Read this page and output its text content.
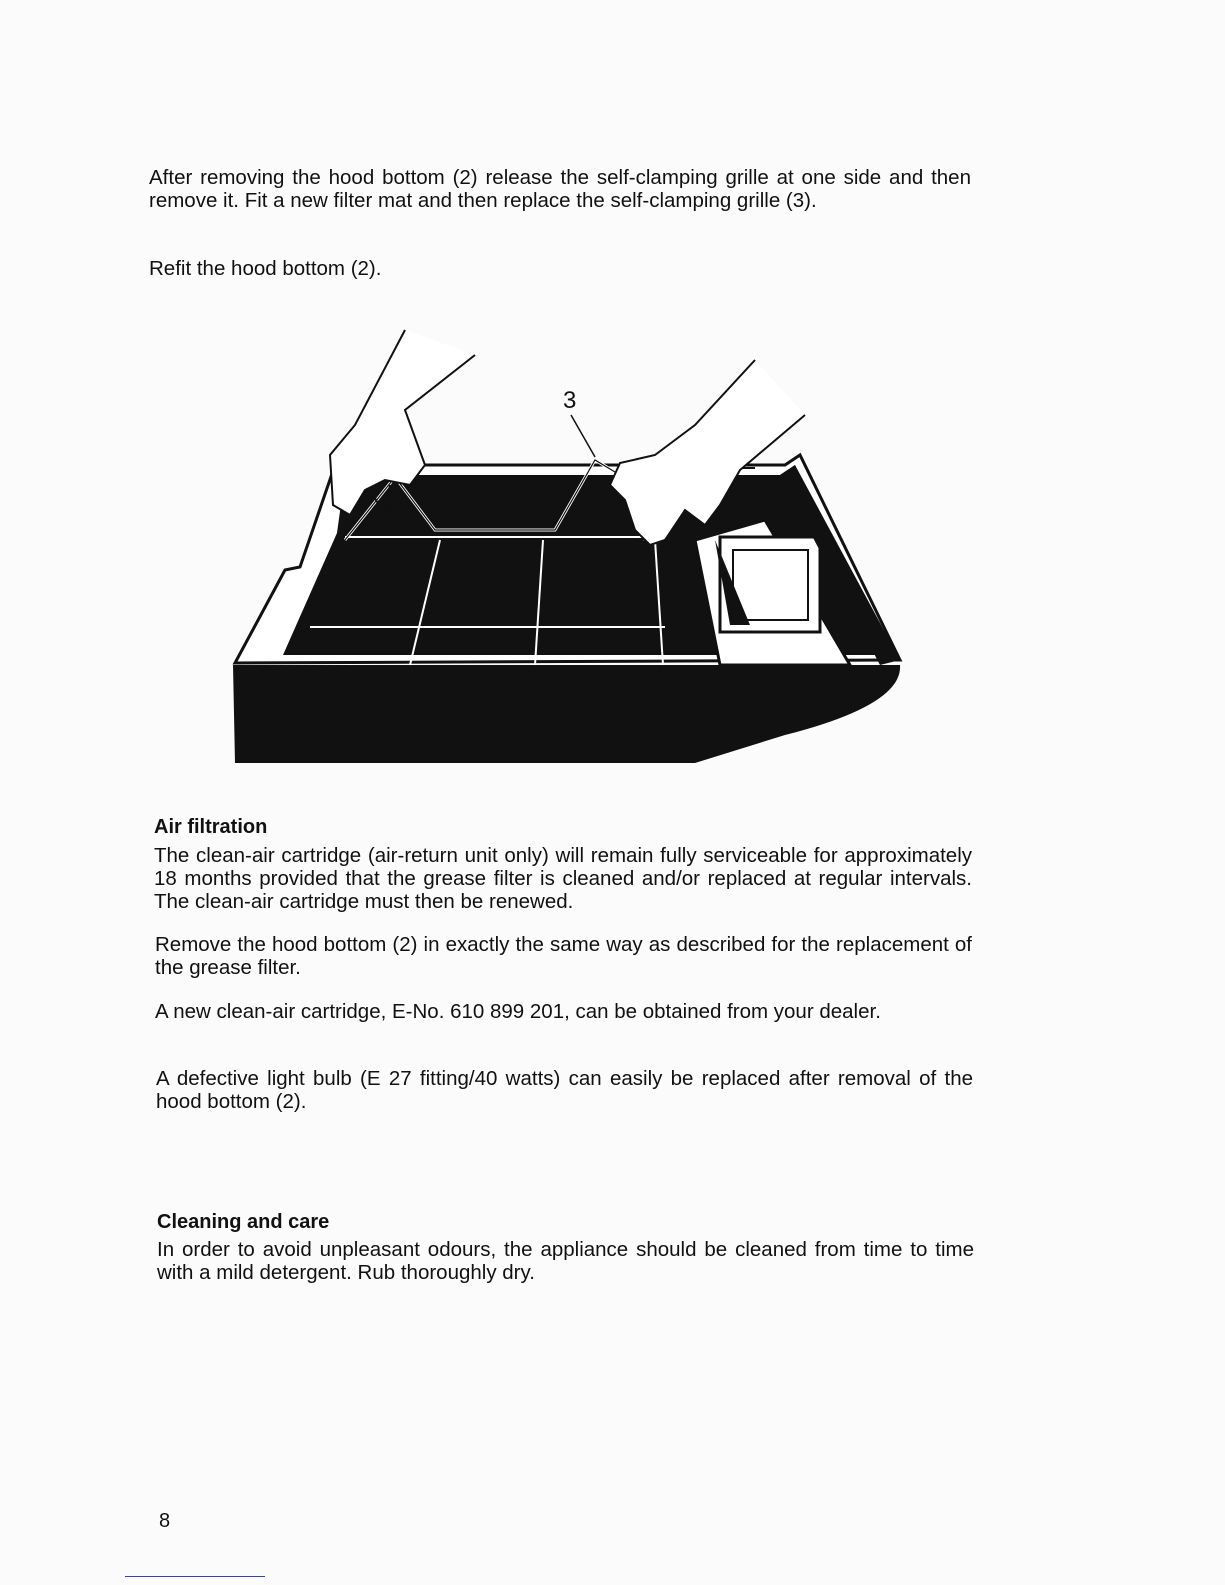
After removing the hood bottom (2) release the self-clamping grille at one side and then remove it. Fit a new filter mat and then replace the self-clamping grille (3).

Refit the hood bottom (2).

3
Air filtration

The clean-air cartridge (air-return unit only) will remain fully serviceable for approximately 18 months provided that the grease filter is cleaned and/or replaced at regular intervals. The clean-air cartridge must then be renewed.

Remove the hood bottom (2) in exactly the same way as described for the replacement of the grease filter.

A new clean-air cartridge, E-No. 610 899 201, can be obtained from your dealer.

A defective light bulb (E 27 fitting/40 watts) can easily be replaced after removal of the hood bottom (2).

Cleaning and care

In order to avoid unpleasant odours, the appliance should be cleaned from time to time with a mild detergent. Rub thoroughly dry.

8
